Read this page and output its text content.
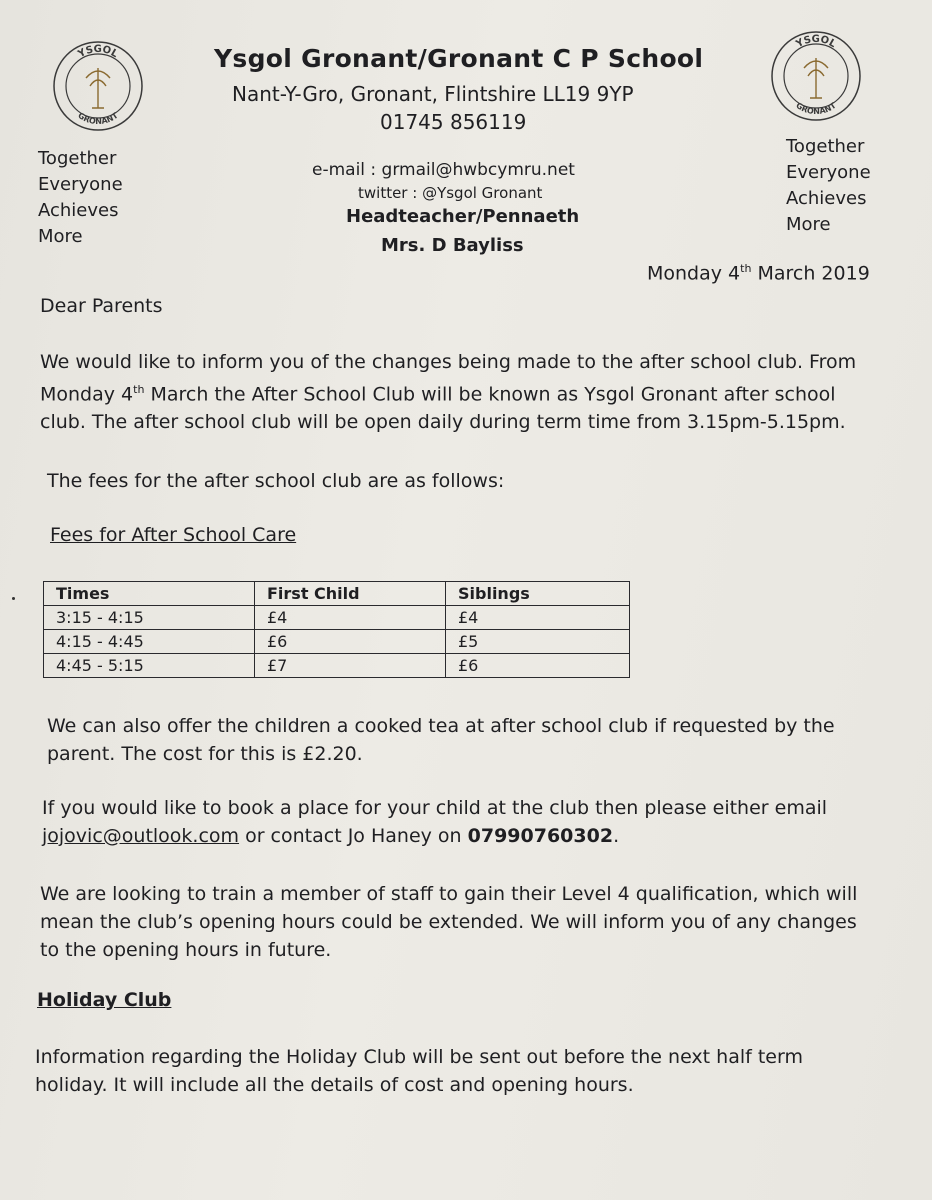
YSGOL
GRONANT
YSGOL
GRONANT
Ysgol Gronant/Gronant C P School
Nant-Y-Gro, Gronant, Flintshire LL19 9YP
01745 856119
e-mail : grmail@hwbcymru.net
twitter : @Ysgol Gronant
Headteacher/Pennaeth
Mrs. D Bayliss
Monday 4th March 2019
Together
Everyone
Achieves
More
Together
Everyone
Achieves
More
Dear Parents
We would like to inform you of the changes being made to the after school club. From
Monday 4th March the After School Club will be known as Ysgol Gronant after school
club. The after school club will be open daily during term time from 3.15pm-5.15pm.
The fees for the after school club are as follows:
Fees for After School Care
Times	First Child	Siblings
3:15 - 4:15	£4	£4
4:15 - 4:45	£6	£5
4:45 - 5:15	£7	£6
We can also offer the children a cooked tea at after school club if requested by the
parent. The cost for this is £2.20.
If you would like to book a place for your child at the club then please either email
jojovic@outlook.com or contact Jo Haney on 07990760302.
We are looking to train a member of staff to gain their Level 4 qualification, which will
mean the club’s opening hours could be extended. We will inform you of any changes
to the opening hours in future.
Holiday Club
Information regarding the Holiday Club will be sent out before the next half term
holiday. It will include all the details of cost and opening hours.
